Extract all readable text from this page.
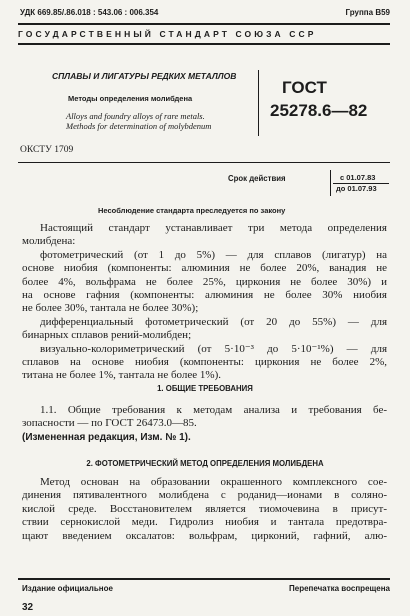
УДК 669.85/.86.018 : 543.06 : 006.354	Группа В59
ГОСУДАРСТВЕННЫЙ СТАНДАРТ СОЮЗА ССР
СПЛАВЫ И ЛИГАТУРЫ РЕДКИХ МЕТАЛЛОВ
Методы определения молибдена
Alloys and foundry alloys of rare metals.
Methods for determination of molybdenum
ГОСТ
25278.6—82
ОКСТУ 1709
Срок действия	с 01.07.83
до 01.07.93
Несоблюдение стандарта преследуется по закону

Настоящий стандарт устанавливает три метода определения

молибдена:

фотометрический (от 1 до 5%) — для сплавов (лигатур) на

основе ниобия (компоненты: алюминия не более 20%, ванадия не

более 4%, вольфрама не более 25%, циркония не более 30%) и

на основе гафния (компоненты: алюминия не более 30% ниобия

не более 30%, тантала не более 30%);

дифференциальный фотометрический (от 20 до 55%) — для

бинарных сплавов рений-молибден;

визуально-колориметрический (от 5·10⁻³ до 5·10⁻¹%) — для

сплавов на основе ниобия (компоненты: циркония не более 2%,

титана не более 1%, тантала не более 1%).

1. ОБЩИЕ ТРЕБОВАНИЯ

1.1. Общие требования к методам анализа и требования бе-

зопасности — по ГОСТ 26473.0—85.

(Измененная редакция, Изм. № 1).

2. ФОТОМЕТРИЧЕСКИЙ МЕТОД ОПРЕДЕЛЕНИЯ МОЛИБДЕНА

Метод основан на образовании окрашенного комплексного сое-

динения пятивалентного молибдена с роданид—ионами в соляно-

кислой среде. Восстановителем является тиомочевина в присут-

ствии сернокислой меди. Гидролиз ниобия и тантала предотвра-

щают введением оксалатов: вольфрам, цирконий, гафний, алю-

Издание официальное	Перепечатка воспрещена
32
